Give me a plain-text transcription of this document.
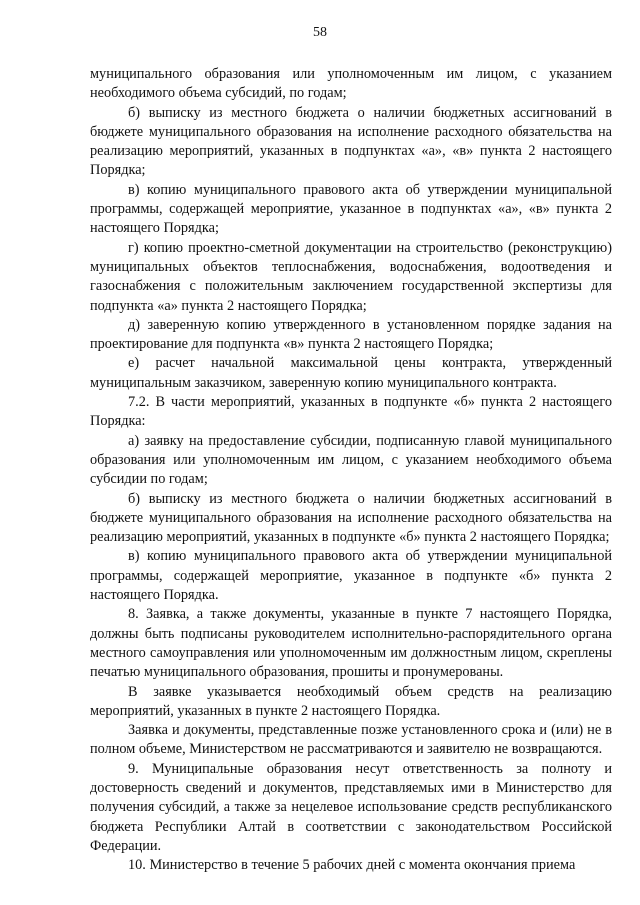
58

муниципального образования или уполномоченным им лицом, с указанием необходимого объема субсидий, по годам;

б) выписку из местного бюджета о наличии бюджетных ассигнований в бюджете муниципального образования на исполнение расходного обязательства на реализацию мероприятий, указанных в подпунктах «а», «в» пункта 2 настоящего Порядка;

в) копию муниципального правового акта об утверждении муниципальной программы, содержащей мероприятие, указанное в подпунктах «а», «в» пункта 2 настоящего Порядка;

г) копию проектно-сметной документации на строительство (реконструкцию) муниципальных объектов теплоснабжения, водоснабжения, водоотведения и газоснабжения с положительным заключением государственной экспертизы для подпункта «а» пункта 2 настоящего Порядка;

д) заверенную копию утвержденного в установленном порядке задания на проектирование для подпункта «в» пункта 2 настоящего Порядка;

е) расчет начальной максимальной цены контракта, утвержденный муниципальным заказчиком, заверенную копию муниципального контракта.

7.2. В части мероприятий, указанных в подпункте «б» пункта 2 настоящего Порядка:

а) заявку на предоставление субсидии, подписанную главой муниципального образования или уполномоченным им лицом, с указанием необходимого объема субсидии по годам;

б) выписку из местного бюджета о наличии бюджетных ассигнований в бюджете муниципального образования на исполнение расходного обязательства на реализацию мероприятий, указанных в подпункте «б» пункта 2 настоящего Порядка;

в) копию муниципального правового акта об утверждении муниципальной программы, содержащей мероприятие, указанное в подпункте «б» пункта 2 настоящего Порядка.

8. Заявка, а также документы, указанные в пункте 7 настоящего Порядка, должны быть подписаны руководителем исполнительно-распорядительного органа местного самоуправления или уполномоченным им должностным лицом, скреплены печатью муниципального образования, прошиты и пронумерованы.

В заявке указывается необходимый объем средств на реализацию мероприятий, указанных в пункте 2 настоящего Порядка.

Заявка и документы, представленные позже установленного срока и (или) не в полном объеме, Министерством не рассматриваются и заявителю не возвращаются.

9. Муниципальные образования несут ответственность за полноту и достоверность сведений и документов, представляемых ими в Министерство для получения субсидий, а также за нецелевое использование средств республиканского бюджета Республики Алтай в соответствии с законодательством Российской Федерации.

10. Министерство в течение 5 рабочих дней с момента окончания приема
